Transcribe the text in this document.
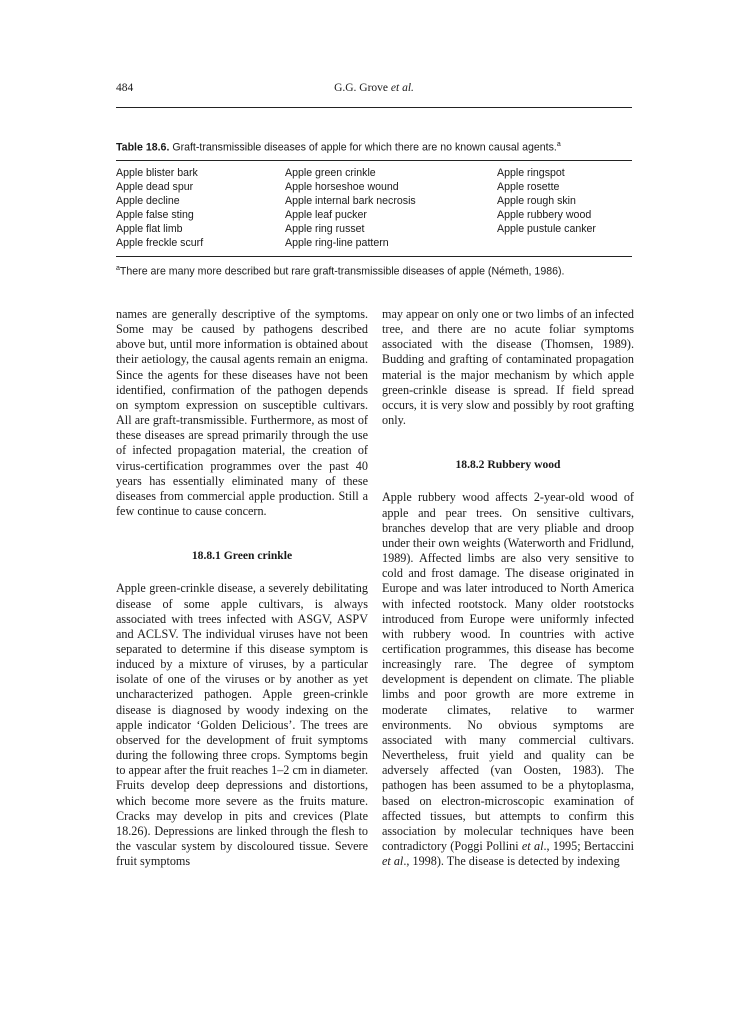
484	G.G. Grove et al.
Table 18.6. Graft-transmissible diseases of apple for which there are no known causal agents.$^a$
Apple blister bark
Apple dead spur
Apple decline
Apple false sting
Apple flat limb
Apple freckle scurf
Apple green crinkle
Apple horseshoe wound
Apple internal bark necrosis
Apple leaf pucker
Apple ring russet
Apple ring-line pattern
Apple ringspot
Apple rosette
Apple rough skin
Apple rubbery wood
Apple pustule canker
$^a$There are many more described but rare graft-transmissible diseases of apple (Németh, 1986).

names are generally descriptive of the symptoms. Some may be caused by pathogens described above but, until more information is obtained about their aetiology, the causal agents remain an enigma. Since the agents for these diseases have not been identified, confirmation of the pathogen depends on symptom expression on susceptible cultivars. All are graft-transmissible. Furthermore, as most of these diseases are spread primarily through the use of infected propagation material, the creation of virus-certification programmes over the past 40 years has essentially eliminated many of these diseases from commercial apple production. Still a few continue to cause concern.

18.8.1 Green crinkle

Apple green-crinkle disease, a severely debilitating disease of some apple cultivars, is always associated with trees infected with ASGV, ASPV and ACLSV. The individual viruses have not been separated to determine if this disease symptom is induced by a mixture of viruses, by a particular isolate of one of the viruses or by another as yet uncharacterized pathogen. Apple green-crinkle disease is diagnosed by woody indexing on the apple indicator ‘Golden Delicious’. The trees are observed for the development of fruit symptoms during the following three crops. Symptoms begin to appear after the fruit reaches 1–2 cm in diameter. Fruits develop deep depressions and distortions, which become more severe as the fruits mature. Cracks may develop in pits and crevices (Plate 18.26). Depressions are linked through the flesh to the vascular system by discoloured tissue. Severe fruit symptoms

may appear on only one or two limbs of an infected tree, and there are no acute foliar symptoms associated with the disease (Thomsen, 1989). Budding and grafting of contaminated propagation material is the major mechanism by which apple green-crinkle disease is spread. If field spread occurs, it is very slow and possibly by root grafting only.

18.8.2 Rubbery wood

Apple rubbery wood affects 2-year-old wood of apple and pear trees. On sensitive cultivars, branches develop that are very pliable and droop under their own weights (Waterworth and Fridlund, 1989). Affected limbs are also very sensitive to cold and frost damage. The disease originated in Europe and was later introduced to North America with infected rootstock. Many older rootstocks introduced from Europe were uniformly infected with rubbery wood. In countries with active certification programmes, this disease has become increasingly rare. The degree of symptom development is dependent on climate. The pliable limbs and poor growth are more extreme in moderate climates, relative to warmer environments. No obvious symptoms are associated with many commercial cultivars. Nevertheless, fruit yield and quality can be adversely affected (van Oosten, 1983). The pathogen has been assumed to be a phytoplasma, based on electron-microscopic examination of affected tissues, but attempts to confirm this association by molecular techniques have been contradictory (Poggi Pollini et al., 1995; Bertaccini et al., 1998). The disease is detected by indexing
